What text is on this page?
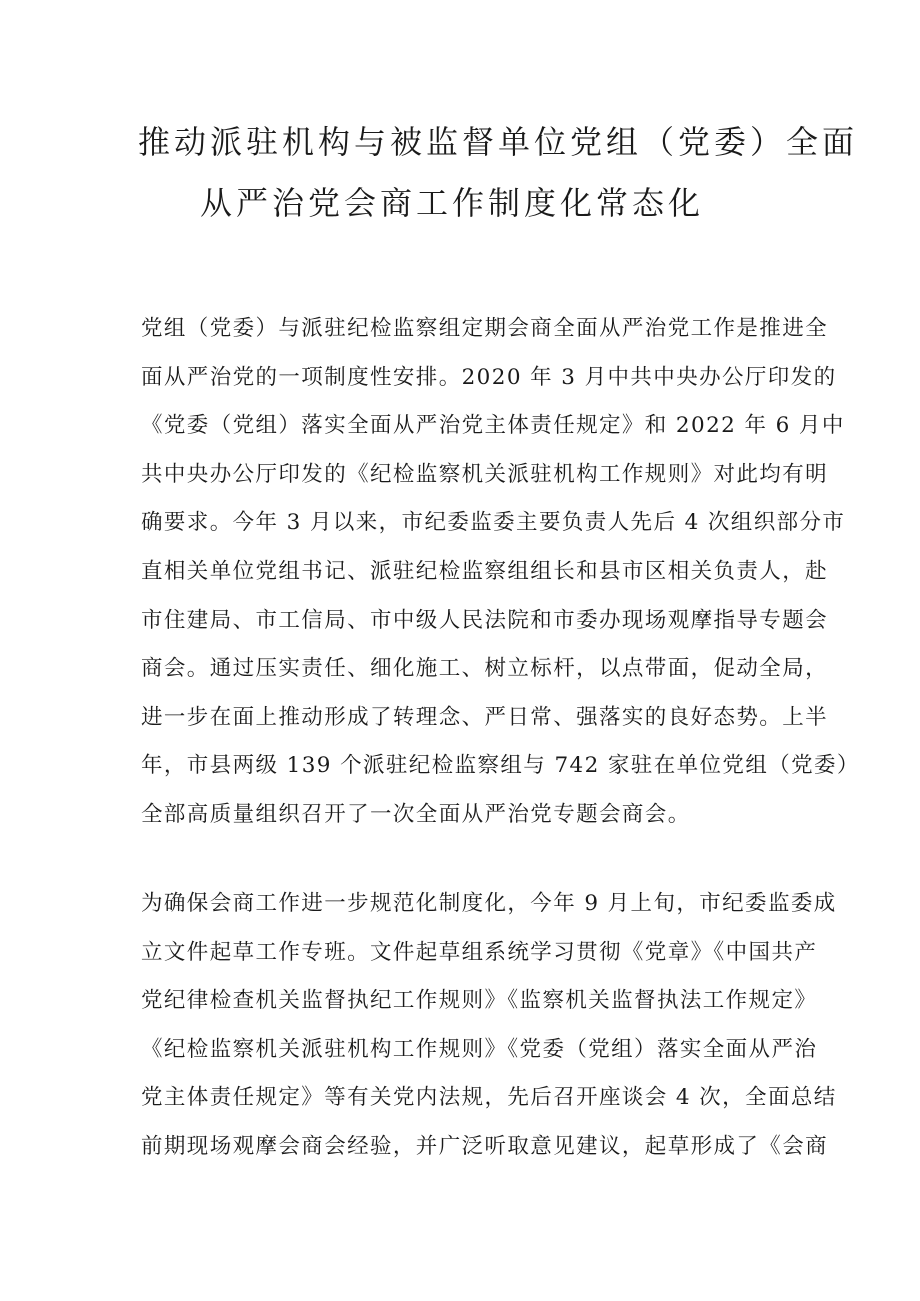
推动派驻机构与被监督单位党组（党委）全面
从严治党会商工作制度化常态化
党组（党委）与派驻纪检监察组定期会商全面从严治党工作是推进全
面从严治党的一项制度性安排。2020 年 3 月中共中央办公厅印发的
《党委（党组）落实全面从严治党主体责任规定》和 2022 年 6 月中
共中央办公厅印发的《纪检监察机关派驻机构工作规则》对此均有明
确要求。今年 3 月以来，市纪委监委主要负责人先后 4 次组织部分市
直相关单位党组书记、派驻纪检监察组组长和县市区相关负责人，赴
市住建局、市工信局、市中级人民法院和市委办现场观摩指导专题会
商会。通过压实责任、细化施工、树立标杆，以点带面，促动全局，
进一步在面上推动形成了转理念、严日常、强落实的良好态势。上半
年，市县两级 139 个派驻纪检监察组与 742 家驻在单位党组（党委）
全部高质量组织召开了一次全面从严治党专题会商会。
为确保会商工作进一步规范化制度化，今年 9 月上旬，市纪委监委成
立文件起草工作专班。文件起草组系统学习贯彻《党章》《中国共产
党纪律检查机关监督执纪工作规则》《监察机关监督执法工作规定》
《纪检监察机关派驻机构工作规则》《党委（党组）落实全面从严治
党主体责任规定》等有关党内法规，先后召开座谈会 4 次，全面总结
前期现场观摩会商会经验，并广泛听取意见建议，起草形成了《会商
